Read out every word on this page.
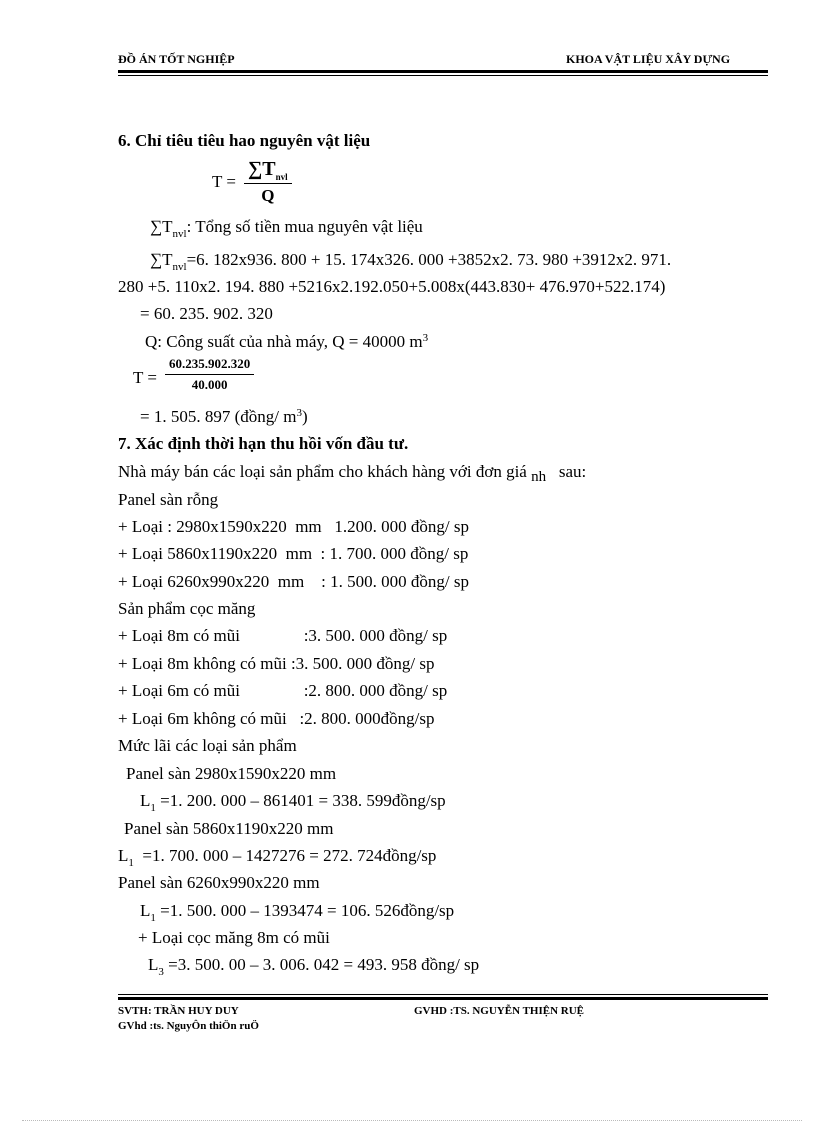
ĐỒ ÁN TỐT NGHIỆP	KHOA VẬT LIỆU XÂY DỰNG
6. Chỉ tiêu tiêu hao nguyên vật liệu
T =
$\sum T_{nvl}$
Q
$\sum T_{nvl}$: Tổng số tiền mua nguyên vật liệu
$\sum T_{nvl}=6$. 182x936. 800 + 15. 174x326. 000 +3852x2. 73. 980 +3912x2. 971.
280 +5. 110x2. 194. 880 +5216x2.192.050+5.008x(443.830+ 476.970+522.174)
= 60. 235. 902. 320
Q: Công suất của nhà máy, Q = 40000 $m^3$
$T = \frac{60.235.902.320}{40.000}$
= 1. 505. 897 (đồng/ $m^3$)
7. Xác định thời hạn thu hồi vốn đầu tư.
Nhà máy bán các loại sản phẩm cho khách hàng với đơn giá nh sau:
Panel sàn rỗng
+ Loại : 2980x1590x220  mm   1.200. 000 đồng/ sp
+ Loại 5860x1190x220  mm  : 1. 700. 000 đồng/ sp
+ Loại 6260x990x220  mm    : 1. 500. 000 đồng/ sp
Sản phẩm cọc măng
+ Loại 8m có mũi               :3. 500. 000 đồng/ sp
+ Loại 8m không có mũi :3. 500. 000 đồng/ sp
+ Loại 6m có mũi               :2. 800. 000 đồng/ sp
+ Loại 6m không có mũi   :2. 800. 000đồng/sp
Mức lãi các loại sản phẩm
Panel sàn 2980x1590x220 mm
$L_1 =1$. 200. 000 – 861401 = 338. 599đồng/sp
Panel sàn 5860x1190x220 mm
$L_1 =1$. 700. 000 – 1427276 = 272. 724đồng/sp
Panel sàn 6260x990x220 mm
$L_1 =1$. 500. 000 – 1393474 = 106. 526đồng/sp
+ Loại cọc măng 8m có mũi
$L_3 =3$. 500. 00 – 3. 006. 042 = 493. 958 đồng/ sp
SVTH: TRẦN HUY DUY	GVHD :TS. NGUYỄN THIỆN RUỆ
GVhd :ts. NguyÔn thiÖn ruÖ
